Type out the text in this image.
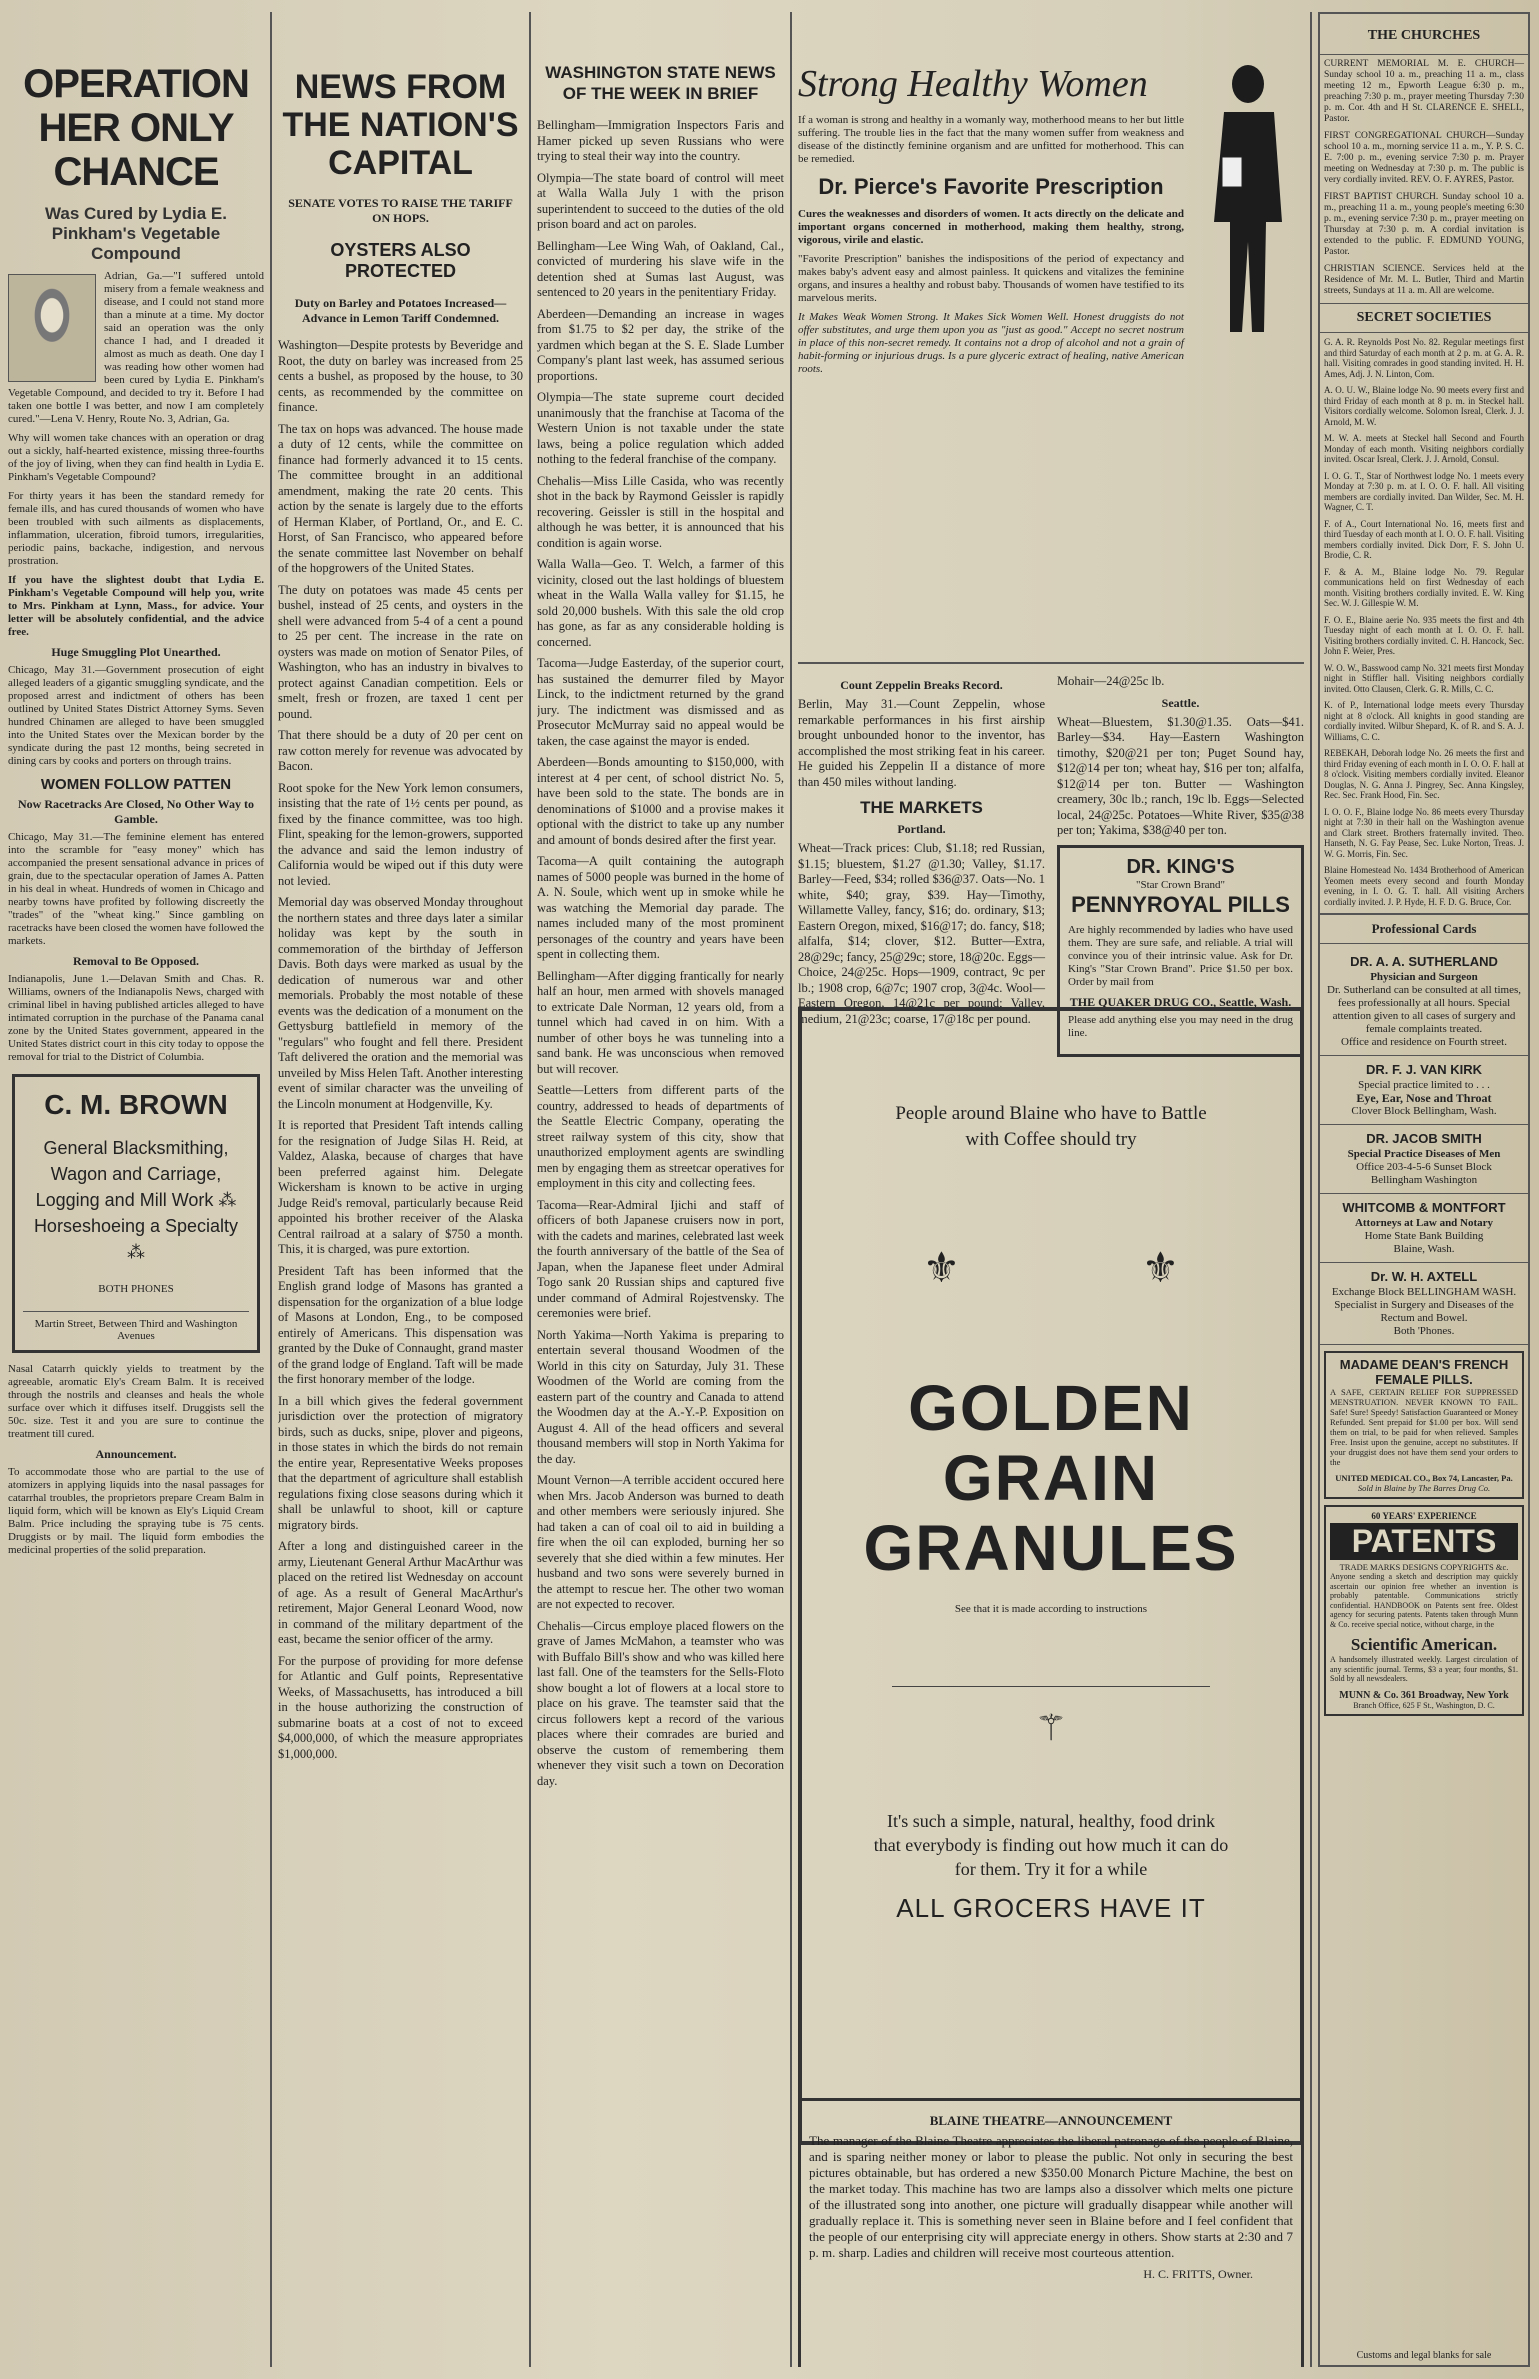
OPERATION HER ONLY CHANCE
Was Cured by Lydia E. Pinkham's Vegetable Compound

Adrian, Ga.—"I suffered untold misery from a female weakness and disease, and I could not stand more than a minute at a time. My doctor said an operation was the only chance I had, and I dreaded it almost as much as death. One day I was reading how other women had been cured by Lydia E. Pinkham's Vegetable Compound, and decided to try it. Before I had taken one bottle I was better, and now I am completely cured."—Lena V. Henry, Route No. 3, Adrian, Ga.

Why will women take chances with an operation or drag out a sickly, half-hearted existence, missing three-fourths of the joy of living, when they can find health in Lydia E. Pinkham's Vegetable Compound?

For thirty years it has been the standard remedy for female ills, and has cured thousands of women who have been troubled with such ailments as displacements, inflammation, ulceration, fibroid tumors, irregularities, periodic pains, backache, indigestion, and nervous prostration.

If you have the slightest doubt that Lydia E. Pinkham's Vegetable Compound will help you, write to Mrs. Pinkham at Lynn, Mass., for advice. Your letter will be absolutely confidential, and the advice free.

Huge Smuggling Plot Unearthed.

Chicago, May 31.—Government prosecution of eight alleged leaders of a gigantic smuggling syndicate, and the proposed arrest and indictment of others has been outlined by United States District Attorney Syms. Seven hundred Chinamen are alleged to have been smuggled into the United States over the Mexican border by the syndicate during the past 12 months, being secreted in dining cars by cooks and porters on through trains.

WOMEN FOLLOW PATTEN
Now Racetracks Are Closed, No Other Way to Gamble.

Chicago, May 31.—The feminine element has entered into the scramble for "easy money" which has accompanied the present sensational advance in prices of grain, due to the spectacular operation of James A. Patten in his deal in wheat. Hundreds of women in Chicago and nearby towns have profited by following discreetly the "trades" of the "wheat king." Since gambling on racetracks have been closed the women have followed the markets.

Removal to Be Opposed.

Indianapolis, June 1.—Delavan Smith and Chas. R. Williams, owners of the Indianapolis News, charged with criminal libel in having published articles alleged to have intimated corruption in the purchase of the Panama canal zone by the United States government, appeared in the United States district court in this city today to oppose the removal for trial to the District of Columbia.

C. M. BROWN
General Blacksmithing, Wagon and Carriage, Logging and Mill Work ⁂ Horseshoeing a Specialty ⁂
BOTH PHONES
Martin Street, Between Third and Washington Avenues

Nasal Catarrh quickly yields to treatment by the agreeable, aromatic Ely's Cream Balm. It is received through the nostrils and cleanses and heals the whole surface over which it diffuses itself. Druggists sell the 50c. size. Test it and you are sure to continue the treatment till cured.

Announcement.

To accommodate those who are partial to the use of atomizers in applying liquids into the nasal passages for catarrhal troubles, the proprietors prepare Cream Balm in liquid form, which will be known as Ely's Liquid Cream Balm. Price including the spraying tube is 75 cents. Druggists or by mail. The liquid form embodies the medicinal properties of the solid preparation.

NEWS FROM THE NATION'S CAPITAL
SENATE VOTES TO RAISE THE TARIFF ON HOPS.
OYSTERS ALSO PROTECTED
Duty on Barley and Potatoes Increased—Advance in Lemon Tariff Condemned.

Washington—Despite protests by Beveridge and Root, the duty on barley was increased from 25 cents a bushel, as proposed by the house, to 30 cents, as recommended by the committee on finance.

The tax on hops was advanced. The house made a duty of 12 cents, while the committee on finance had formerly advanced it to 15 cents. The committee brought in an additional amendment, making the rate 20 cents. This action by the senate is largely due to the efforts of Herman Klaber, of Portland, Or., and E. C. Horst, of San Francisco, who appeared before the senate committee last November on behalf of the hopgrowers of the United States.

The duty on potatoes was made 45 cents per bushel, instead of 25 cents, and oysters in the shell were advanced from 5-4 of a cent a pound to 25 per cent. The increase in the rate on oysters was made on motion of Senator Piles, of Washington, who has an industry in bivalves to protect against Canadian competition. Eels or smelt, fresh or frozen, are taxed 1 cent per pound.

That there should be a duty of 20 per cent on raw cotton merely for revenue was advocated by Bacon.

Root spoke for the New York lemon consumers, insisting that the rate of 1½ cents per pound, as fixed by the finance committee, was too high. Flint, speaking for the lemon-growers, supported the advance and said the lemon industry of California would be wiped out if this duty were not levied.

Memorial day was observed Monday throughout the northern states and three days later a similar holiday was kept by the south in commemoration of the birthday of Jefferson Davis. Both days were marked as usual by the dedication of numerous war and other memorials. Probably the most notable of these events was the dedication of a monument on the Gettysburg battlefield in memory of the "regulars" who fought and fell there. President Taft delivered the oration and the memorial was unveiled by Miss Helen Taft. Another interesting event of similar character was the unveiling of the Lincoln monument at Hodgenville, Ky.

It is reported that President Taft intends calling for the resignation of Judge Silas H. Reid, at Valdez, Alaska, because of charges that have been preferred against him. Delegate Wickersham is known to be active in urging Judge Reid's removal, particularly because Reid appointed his brother receiver of the Alaska Central railroad at a salary of $750 a month. This, it is charged, was pure extortion.

President Taft has been informed that the English grand lodge of Masons has granted a dispensation for the organization of a blue lodge of Masons at London, Eng., to be composed entirely of Americans. This dispensation was granted by the Duke of Connaught, grand master of the grand lodge of England. Taft will be made the first honorary member of the lodge.

In a bill which gives the federal government jurisdiction over the protection of migratory birds, such as ducks, snipe, plover and pigeons, in those states in which the birds do not remain the entire year, Representative Weeks proposes that the department of agriculture shall establish regulations fixing close seasons during which it shall be unlawful to shoot, kill or capture migratory birds.

After a long and distinguished career in the army, Lieutenant General Arthur MacArthur was placed on the retired list Wednesday on account of age. As a result of General MacArthur's retirement, Major General Leonard Wood, now in command of the military department of the east, became the senior officer of the army.

For the purpose of providing for more defense for Atlantic and Gulf points, Representative Weeks, of Massachusetts, has introduced a bill in the house authorizing the construction of submarine boats at a cost of not to exceed $4,000,000, of which the measure appropriates $1,000,000.

WASHINGTON STATE NEWS OF THE WEEK IN BRIEF

Bellingham—Immigration Inspectors Faris and Hamer picked up seven Russians who were trying to steal their way into the country.

Olympia—The state board of control will meet at Walla Walla July 1 with the prison superintendent to succeed to the duties of the old prison board and act on paroles.

Bellingham—Lee Wing Wah, of Oakland, Cal., convicted of murdering his slave wife in the detention shed at Sumas last August, was sentenced to 20 years in the penitentiary Friday.

Aberdeen—Demanding an increase in wages from $1.75 to $2 per day, the strike of the yardmen which began at the S. E. Slade Lumber Company's plant last week, has assumed serious proportions.

Olympia—The state supreme court decided unanimously that the franchise at Tacoma of the Western Union is not taxable under the state laws, being a police regulation which added nothing to the federal franchise of the company.

Chehalis—Miss Lille Casida, who was recently shot in the back by Raymond Geissler is rapidly recovering. Geissler is still in the hospital and although he was better, it is announced that his condition is again worse.

Walla Walla—Geo. T. Welch, a farmer of this vicinity, closed out the last holdings of bluestem wheat in the Walla Walla valley for $1.15, he sold 20,000 bushels. With this sale the old crop has gone, as far as any considerable holding is concerned.

Tacoma—Judge Easterday, of the superior court, has sustained the demurrer filed by Mayor Linck, to the indictment returned by the grand jury. The indictment was dismissed and as Prosecutor McMurray said no appeal would be taken, the case against the mayor is ended.

Aberdeen—Bonds amounting to $150,000, with interest at 4 per cent, of school district No. 5, have been sold to the state. The bonds are in denominations of $1000 and a provise makes it optional with the district to take up any number and amount of bonds desired after the first year.

Tacoma—A quilt containing the autograph names of 5000 people was burned in the home of A. N. Soule, which went up in smoke while he was watching the Memorial day parade. The names included many of the most prominent personages of the country and years have been spent in collecting them.

Bellingham—After digging frantically for nearly half an hour, men armed with shovels managed to extricate Dale Norman, 12 years old, from a tunnel which had caved in on him. With a number of other boys he was tunneling into a sand bank. He was unconscious when removed but will recover.

Seattle—Letters from different parts of the country, addressed to heads of departments of the Seattle Electric Company, operating the street railway system of this city, show that unauthorized employment agents are swindling men by engaging them as streetcar operatives for employment in this city and collecting fees.

Tacoma—Rear-Admiral Ijichi and staff of officers of both Japanese cruisers now in port, with the cadets and marines, celebrated last week the fourth anniversary of the battle of the Sea of Japan, when the Japanese fleet under Admiral Togo sank 20 Russian ships and captured five under command of Admiral Rojestvensky. The ceremonies were brief.

North Yakima—North Yakima is preparing to entertain several thousand Woodmen of the World in this city on Saturday, July 31. These Woodmen of the World are coming from the eastern part of the country and Canada to attend the Woodmen day at the A.-Y.-P. Exposition on August 4. All of the head officers and several thousand members will stop in North Yakima for the day.

Mount Vernon—A terrible accident occured here when Mrs. Jacob Anderson was burned to death and other members were seriously injured. She had taken a can of coal oil to aid in building a fire when the oil can exploded, burning her so severely that she died within a few minutes. Her husband and two sons were severely burned in the attempt to rescue her. The other two woman are not expected to recover.

Chehalis—Circus employe placed flowers on the grave of James McMahon, a teamster who was with Buffalo Bill's show and who was killed here last fall. One of the teamsters for the Sells-Floto show bought a lot of flowers at a local store to place on his grave. The teamster said that the circus followers kept a record of the various places where their comrades are buried and observe the custom of remembering them whenever they visit such a town on Decoration day.

Strong Healthy Women

If a woman is strong and healthy in a womanly way, motherhood means to her but little suffering. The trouble lies in the fact that the many women suffer from weakness and disease of the distinctly feminine organism and are unfitted for motherhood. This can be remedied.

Dr. Pierce's Favorite Prescription

Cures the weaknesses and disorders of women. It acts directly on the delicate and important organs concerned in motherhood, making them healthy, strong, vigorous, virile and elastic.

"Favorite Prescription" banishes the indispositions of the period of expectancy and makes baby's advent easy and almost painless. It quickens and vitalizes the feminine organs, and insures a healthy and robust baby. Thousands of women have testified to its marvelous merits.

It Makes Weak Women Strong. It Makes Sick Women Well. Honest druggists do not offer substitutes, and urge them upon you as "just as good." Accept no secret nostrum in place of this non-secret remedy. It contains not a drop of alcohol and not a grain of habit-forming or injurious drugs. Is a pure glyceric extract of healing, native American roots.

Count Zeppelin Breaks Record.

Berlin, May 31.—Count Zeppelin, whose remarkable performances in his first airship brought unbounded honor to the inventor, has accomplished the most striking feat in his career. He guided his Zeppelin II a distance of more than 450 miles without landing.

THE MARKETS
Portland.

Wheat—Track prices: Club, $1.18; red Russian, $1.15; bluestem, $1.27 @1.30; Valley, $1.17. Barley—Feed, $34; rolled $36@37. Oats—No. 1 white, $40; gray, $39. Hay—Timothy, Willamette Valley, fancy, $16; do. ordinary, $13; Eastern Oregon, mixed, $16@17; do. fancy, $18; alfalfa, $14; clover, $12. Butter—Extra, 28@29c; fancy, 25@29c; store, 18@20c. Eggs—Choice, 24@25c. Hops—1909, contract, 9c per lb.; 1908 crop, 6@7c; 1907 crop, 3@4c. Wool—Eastern Oregon, 14@21c per pound; Valley, medium, 21@23c; coarse, 17@18c per pound.

Mohair—24@25c lb.

Seattle.

Wheat—Bluestem, $1.30@1.35. Oats—$41. Barley—$34. Hay—Eastern Washington timothy, $20@21 per ton; Puget Sound hay, $12@14 per ton; wheat hay, $16 per ton; alfalfa, $12@14 per ton. Butter — Washington creamery, 30c lb.; ranch, 19c lb. Eggs—Selected local, 24@25c. Potatoes—White River, $35@38 per ton; Yakima, $38@40 per ton.

DR. KING'S
"Star Crown Brand"
PENNYROYAL PILLS

Are highly recommended by ladies who have used them. They are sure safe, and reliable. A trial will convince you of their intrinsic value. Ask for Dr. King's "Star Crown Brand". Price $1.50 per box. Order by mail from

THE QUAKER DRUG CO., Seattle, Wash.

Please add anything else you may need in the drug line.

People around Blaine who have to Battle with Coffee should try
⚜	⚜
GOLDEN GRAIN GRANULES
See that it is made according to instructions
⚚
It's such a simple, natural, healthy, food drink that everybody is finding out how much it can do for them. Try it for a while
ALL GROCERS HAVE IT
BLAINE THEATRE—ANNOUNCEMENT

The manager of the Blaine Theatre appreciates the liberal patronage of the people of Blaine, and is sparing neither money or labor to please the public. Not only in securing the best pictures obtainable, but has ordered a new $350.00 Monarch Picture Machine, the best on the market today. This machine has two are lamps also a dissolver which melts one picture of the illustrated song into another, one picture will gradually disappear while another will gradually replace it. This is something never seen in Blaine before and I feel confident that the people of our enterprising city will appreciate energy in others. Show starts at 2:30 and 7 p. m. sharp. Ladies and children will receive most courteous attention.

H. C. FRITTS, Owner.
THE CHURCHES

CURRENT MEMORIAL M. E. CHURCH—Sunday school 10 a. m., preaching 11 a. m., class meeting 12 m., Epworth League 6:30 p. m., preaching 7:30 p. m., prayer meeting Thursday 7:30 p. m. Cor. 4th and H St. CLARENCE E. SHELL, Pastor.

FIRST CONGREGATIONAL CHURCH—Sunday school 10 a. m., morning service 11 a. m., Y. P. S. C. E. 7:00 p. m., evening service 7:30 p. m. Prayer meeting on Wednesday at 7:30 p. m. The public is very cordially invited. REV. O. F. AYRES, Pastor.

FIRST BAPTIST CHURCH. Sunday school 10 a. m., preaching 11 a. m., young people's meeting 6:30 p. m., evening service 7:30 p. m., prayer meeting on Thursday at 7:30 p. m. A cordial invitation is extended to the public. F. EDMUND YOUNG, Pastor.

CHRISTIAN SCIENCE. Services held at the Residence of Mr. M. L. Butler, Third and Martin streets, Sundays at 11 a. m. All are welcome.

SECRET SOCIETIES

G. A. R. Reynolds Post No. 82. Regular meetings first and third Saturday of each month at 2 p. m. at G. A. R. hall. Visiting comrades in good standing invited. H. H. Ames, Adj. J. N. Linton, Com.

A. O. U. W., Blaine lodge No. 90 meets every first and third Friday of each month at 8 p. m. in Steckel hall. Visitors cordially welcome. Solomon Isreal, Clerk. J. J. Arnold, M. W.

M. W. A. meets at Steckel hall Second and Fourth Monday of each month. Visiting neighbors cordially invited. Oscar Isreal, Clerk. J. J. Arnold, Consul.

I. O. G. T., Star of Northwest lodge No. 1 meets every Monday at 7:30 p. m. at I. O. O. F. hall. All visiting members are cordially invited. Dan Wilder, Sec. M. H. Wagner, C. T.

F. of A., Court International No. 16, meets first and third Tuesday of each month at I. O. O. F. hall. Visiting members cordially invited. Dick Dorr, F. S. John U. Brodie, C. R.

F. & A. M., Blaine lodge No. 79. Regular communications held on first Wednesday of each month. Visiting brothers cordially invited. E. W. King Sec. W. J. Gillespie W. M.

F. O. E., Blaine aerie No. 935 meets the first and 4th Tuesday night of each month at I. O. O. F. hall. Visiting brothers cordially invited. C. H. Hancock, Sec. John F. Weier, Pres.

W. O. W., Basswood camp No. 321 meets first Monday night in Stiffler hall. Visiting neighbors cordially invited. Otto Clausen, Clerk. G. R. Mills, C. C.

K. of P., International lodge meets every Thursday night at 8 o'clock. All knights in good standing are cordially invited. Wilbur Shepard, K. of R. and S. A. J. Williams, C. C.

REBEKAH, Deborah lodge No. 26 meets the first and third Friday evening of each month in I. O. O. F. hall at 8 o'clock. Visiting members cordially invited. Eleanor Douglas, N. G. Anna J. Pingrey, Sec. Anna Kingsley, Rec. Sec. Frank Hood, Fin. Sec.

I. O. O. F., Blaine lodge No. 86 meets every Thursday night at 7:30 in their hall on the Washington avenue and Clark street. Brothers fraternally invited. Theo. Hanseth, N. G. Fay Pease, Sec. Luke Norton, Treas. J. W. G. Morris, Fin. Sec.

Blaine Homestead No. 1434 Brotherhood of American Yeomen meets every second and fourth Monday evening, in I. O. G. T. hall. All visiting Archers cordially invited. J. P. Hyde, H. F. D. G. Bruce, Cor.

Professional Cards
DR. A. A. SUTHERLAND
Physician and Surgeon
Dr. Sutherland can be consulted at all times, fees professionally at all hours. Special attention given to all cases of surgery and female complaints treated.
Office and residence on Fourth street.
DR. F. J. VAN KIRK
Special practice limited to . . .
Eye, Ear, Nose and Throat
Clover Block Bellingham, Wash.
DR. JACOB SMITH
Special Practice Diseases of Men
Office 203-4-5-6 Sunset Block
Bellingham Washington
WHITCOMB & MONTFORT
Attorneys at Law and Notary
Home State Bank Building
Blaine, Wash.
Dr. W. H. AXTELL
Exchange Block BELLINGHAM WASH.
Specialist in Surgery and Diseases of the Rectum and Bowel.
Both 'Phones.
MADAME DEAN'S FRENCH FEMALE PILLS.

A SAFE, CERTAIN RELIEF FOR SUPPRESSED MENSTRUATION. NEVER KNOWN TO FAIL. Safe! Sure! Speedy! Satisfaction Guaranteed or Money Refunded. Sent prepaid for $1.00 per box. Will send them on trial, to be paid for when relieved. Samples Free. Insist upon the genuine, accept no substitutes. If your druggist does not have them send your orders to the

UNITED MEDICAL CO., Box 74, Lancaster, Pa.
Sold in Blaine by The Barres Drug Co.
60 YEARS' EXPERIENCE
PATENTS
TRADE MARKS DESIGNS COPYRIGHTS &c.

Anyone sending a sketch and description may quickly ascertain our opinion free whether an invention is probably patentable. Communications strictly confidential. HANDBOOK on Patents sent free. Oldest agency for securing patents. Patents taken through Munn & Co. receive special notice, without charge, in the

Scientific American.

A handsomely illustrated weekly. Largest circulation of any scientific journal. Terms, $3 a year; four months, $1. Sold by all newsdealers.

MUNN & Co. 361 Broadway, New York
Branch Office, 625 F St., Washington, D. C.
Customs and legal blanks for sale
